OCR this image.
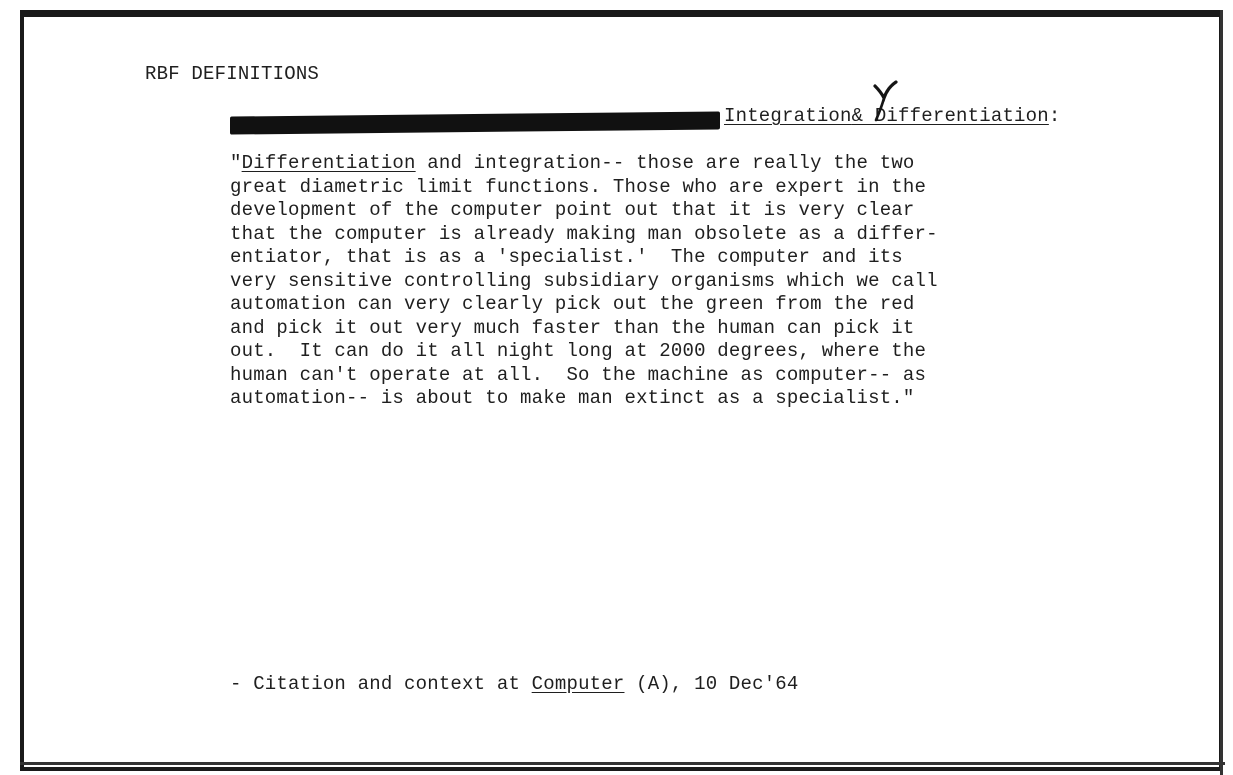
RBF DEFINITIONS
Integration& Differentiation:
"Differentiation and integration-- those are really the two
great diametric limit functions. Those who are expert in the
development of the computer point out that it is very clear
that the computer is already making man obsolete as a differ-
entiator, that is as a 'specialist.'  The computer and its
very sensitive controlling subsidiary organisms which we call
automation can very clearly pick out the green from the red
and pick it out very much faster than the human can pick it
out.  It can do it all night long at 2000 degrees, where the
human can't operate at all.  So the machine as computer-- as
automation-- is about to make man extinct as a specialist."
- Citation and context at Computer (A), 10 Dec'64
